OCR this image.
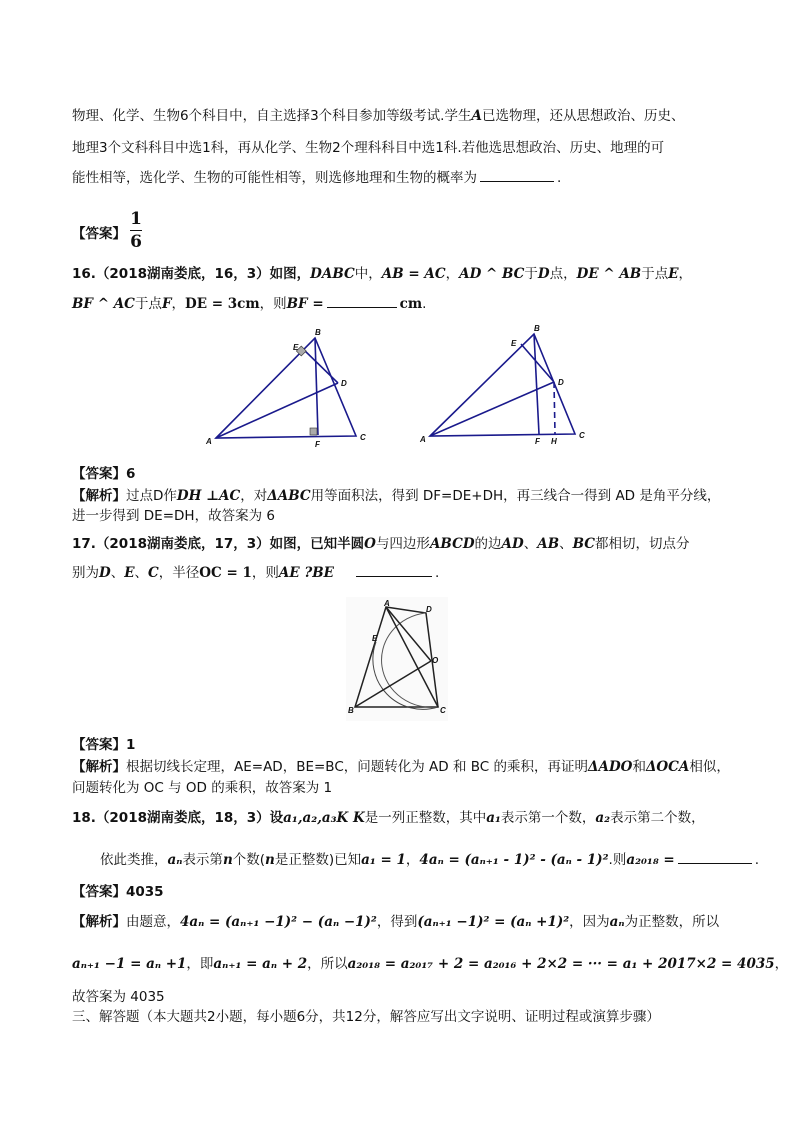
物理、化学、生物6个科目中，自主选择3个科目参加等级考试.学生A已选物理，还从思想政治、历史、
地理3个文科科目中选1科，再从化学、生物2个理科科目中选1科.若他选思想政治、历史、地理的可
能性相等，选化学、生物的可能性相等，则选修地理和生物的概率为	.
【答案】
1
6
16.（2018湖南娄底，16，3）如图，DABC中，AB = AC，AD ^ BC于D点，DE ^ AB于点E，
BF ^ AC于点F，DE = 3cm，则BF =	cm.
B
E
D
A	F
C
B
E
D
A	F H
C
【答案】6
【解析】过点D作DH ⊥AC，对ΔABC用等面积法，得到 DF=DE+DH，再三线合一得到 AD 是角平分线，
进一步得到 DE=DH，故答案为 6
17.（2018湖南娄底，17，3）如图，已知半圆O与四边形ABCD的边AD、AB、BC都相切，切点分
别为D、E、C，半径OC = 1，则AE ?BE	.
A
D
E
O
B	C
【答案】1
【解析】根据切线长定理，AE=AD，BE=BC，问题转化为 AD 和 BC 的乘积，再证明ΔADO和ΔOCA相似，
问题转化为 OC 与 OD 的乘积，故答案为 1
18.（2018湖南娄底，18，3）设a₁,a₂,a₃K K是一列正整数，其中a₁表示第一个数，a₂表示第二个数，
依此类推，aₙ表示第n个数(n是正整数)已知a₁ = 1，4aₙ = (aₙ₊₁ - 1)² - (aₙ - 1)².则a₂₀₁₈ =	.
【答案】4035
【解析】由题意，4aₙ = (aₙ₊₁ −1)² − (aₙ −1)²，得到(aₙ₊₁ −1)² = (aₙ +1)²，因为aₙ为正整数，所以
aₙ₊₁ −1 = aₙ +1，即aₙ₊₁ = aₙ + 2，所以a₂₀₁₈ = a₂₀₁₇ + 2 = a₂₀₁₆ + 2×2 = ··· = a₁ + 2017×2 = 4035，
故答案为 4035
三、解答题（本大题共2小题，每小题6分，共12分，解答应写出文字说明、证明过程或演算步骤）
